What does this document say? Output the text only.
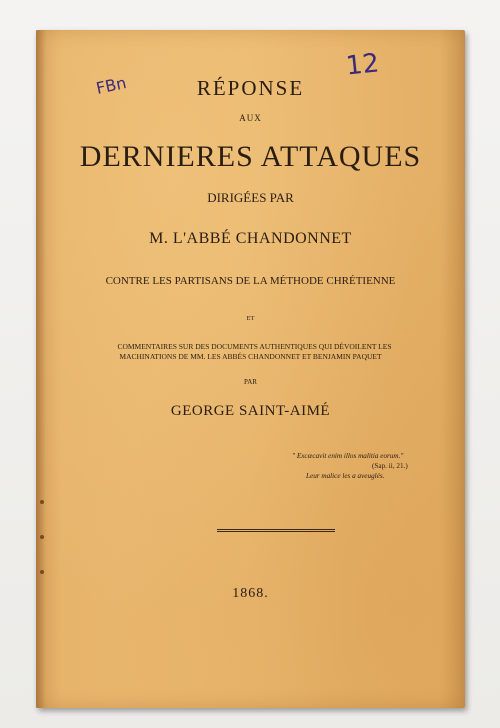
FBn
12
RÉPONSE
AUX
DERNIERES ATTAQUES
DIRIGÉES PAR
M. L'ABBÉ CHANDONNET
CONTRE LES PARTISANS DE LA MÉTHODE CHRÉTIENNE
ET
COMMENTAIRES SUR DES DOCUMENTS AUTHENTIQUES QUI DÉVOILENT LES
MACHINATIONS DE MM. LES ABBÉS CHANDONNET ET BENJAMIN PAQUET
PAR
GEORGE SAINT-AIMÉ
" Excæcavit enim illos malitia eorum."
(Sap. ii, 21.)
Leur malice les a aveuglés.
1868.
